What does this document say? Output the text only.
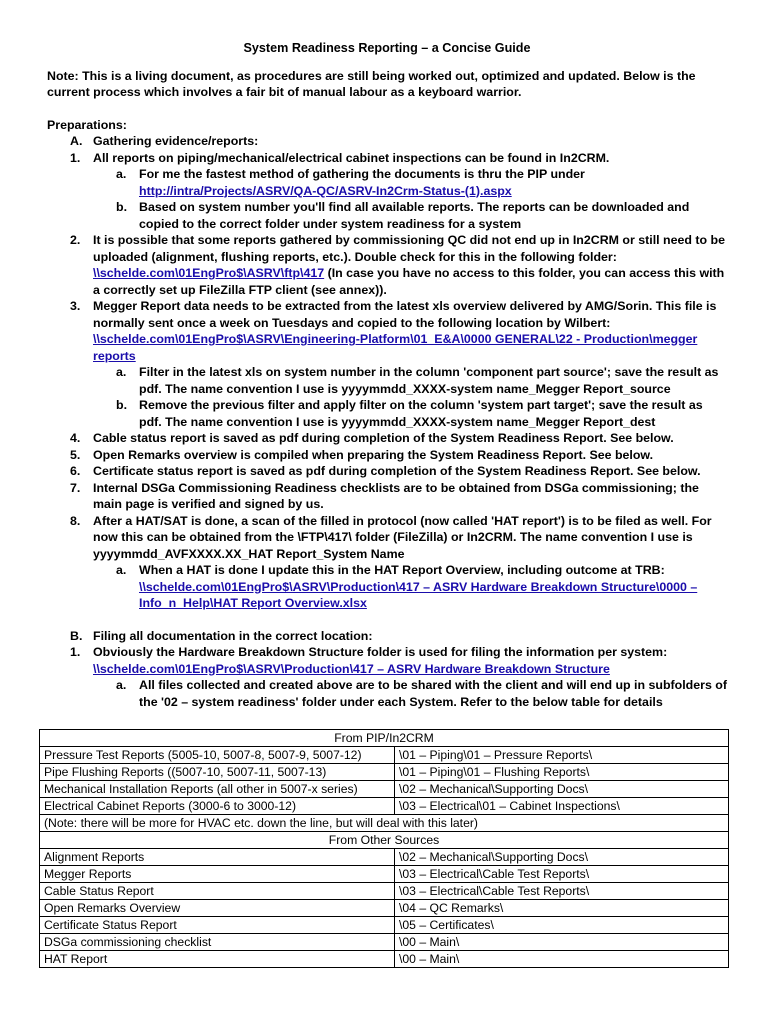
System Readiness Reporting – a Concise Guide

Note: This is a living document, as procedures are still being worked out, optimized and updated. Below is the current process which involves a fair bit of manual labour as a keyboard warrior.

Preparations:

A. Gathering evidence/reports:

1. All reports on piping/mechanical/electrical cabinet inspections can be found in In2CRM.

a. For me the fastest method of gathering the documents is thru the PIP under
http://intra/Projects/ASRV/QA-QC/ASRV-In2Crm-Status-(1).aspx

b. Based on system number you'll find all available reports. The reports can be downloaded and copied to the correct folder under system readiness for a system

2. It is possible that some reports gathered by commissioning QC did not end up in In2CRM or still need to be uploaded (alignment, flushing reports, etc.). Double check for this in the following folder: \\schelde.com\01EngPro$\ASRV\ftp\417 (In case you have no access to this folder, you can access this with a correctly set up FileZilla FTP client (see annex)).

3. Megger Report data needs to be extracted from the latest xls overview delivered by AMG/Sorin. This file is normally sent once a week on Tuesdays and copied to the following location by Wilbert: \\schelde.com\01EngPro$\ASRV\Engineering-Platform\01_E&A\0000 GENERAL\22 - Production\megger reports

a. Filter in the latest xls on system number in the column 'component part source'; save the result as pdf. The name convention I use is yyyymmdd_XXXX-system name_Megger Report_source

b. Remove the previous filter and apply filter on the column 'system part target'; save the result as pdf. The name convention I use is yyyymmdd_XXXX-system name_Megger Report_dest

4. Cable status report is saved as pdf during completion of the System Readiness Report. See below.

5. Open Remarks overview is compiled when preparing the System Readiness Report. See below.

6. Certificate status report is saved as pdf during completion of the System Readiness Report. See below.

7. Internal DSGa Commissioning Readiness checklists are to be obtained from DSGa commissioning; the main page is verified and signed by us.

8. After a HAT/SAT is done, a scan of the filled in protocol (now called 'HAT report') is to be filed as well. For now this can be obtained from the \FTP\417\ folder (FileZilla) or In2CRM. The name convention I use is yyyymmdd_AVFXXXX.XX_HAT Report_System Name

a. When a HAT is done I update this in the HAT Report Overview, including outcome at TRB:
\\schelde.com\01EngPro$\ASRV\Production\417 – ASRV Hardware Breakdown Structure\0000 – Info_n_Help\HAT Report Overview.xlsx

B. Filing all documentation in the correct location:

1. Obviously the Hardware Breakdown Structure folder is used for filing the information per system:
\\schelde.com\01EngPro$\ASRV\Production\417 – ASRV Hardware Breakdown Structure

a. All files collected and created above are to be shared with the client and will end up in subfolders of the '02 – system readiness' folder under each System. Refer to the below table for details

From PIP/In2CRM	
Pressure Test Reports (5005-10, 5007-8, 5007-9, 5007-12)	\01 – Piping\01 – Pressure Reports\
Pipe Flushing Reports ((5007-10, 5007-11, 5007-13)	\01 – Piping\01 – Flushing Reports\
Mechanical Installation Reports (all other in 5007-x series)	\02 – Mechanical\Supporting Docs\
Electrical Cabinet Reports (3000-6 to 3000-12)	\03 – Electrical\01 – Cabinet Inspections\
(Note: there will be more for HVAC etc. down the line, but will deal with this later)	
From Other Sources	
Alignment Reports	\02 – Mechanical\Supporting Docs\
Megger Reports	\03 – Electrical\Cable Test Reports\
Cable Status Report	\03 – Electrical\Cable Test Reports\
Open Remarks Overview	\04 – QC Remarks\
Certificate Status Report	\05 – Certificates\
DSGa commissioning checklist	\00 – Main\
HAT Report	\00 – Main\
